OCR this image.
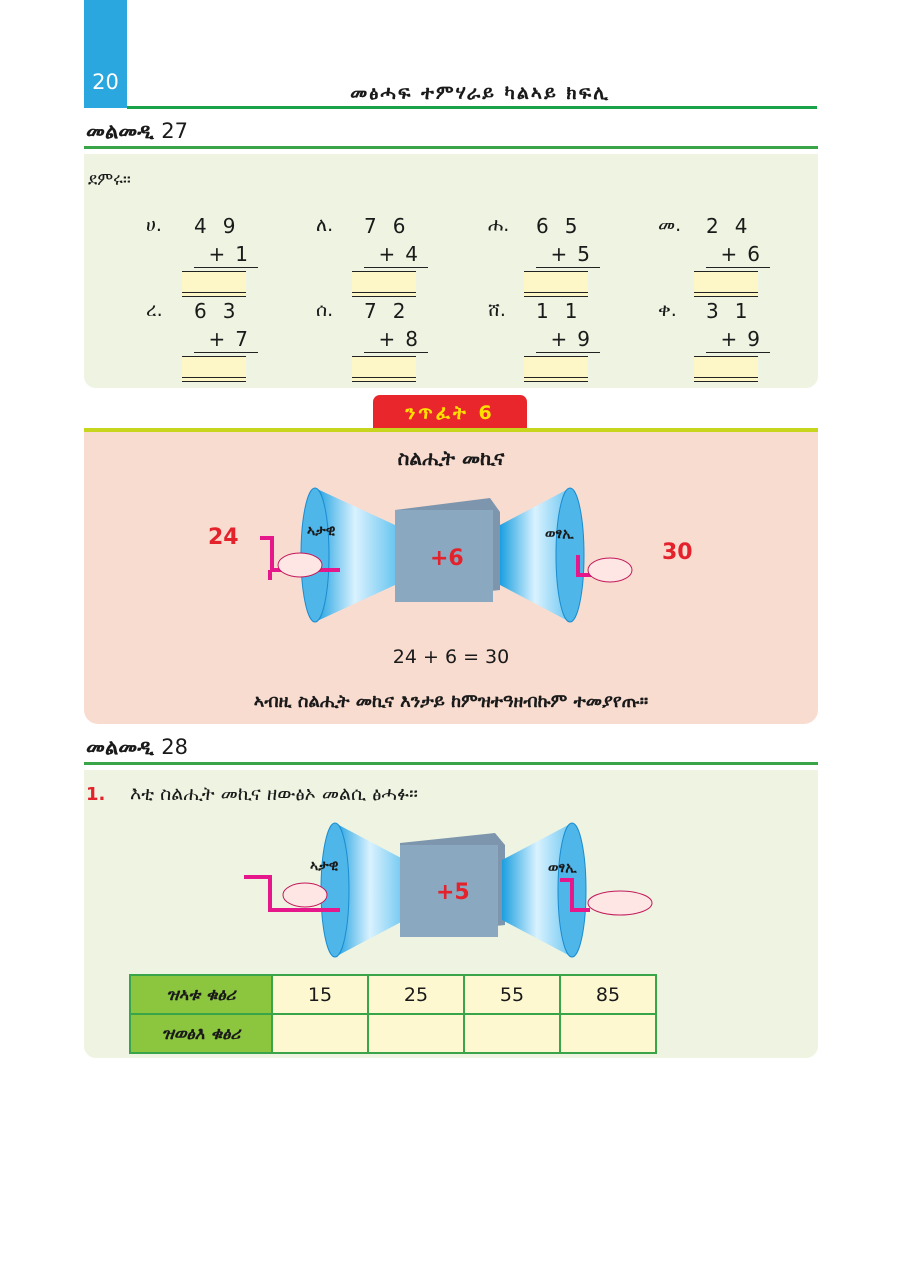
20	መፅሓፍ ተምሃራይ ካልኣይ ክፍሊ
መልመዲ 27
ደምሩ።
ሀ. 49
+1
ለ. 76
+4
ሐ. 65
+5
መ. 24
+6
ረ. 63
+7
ሰ. 72
+8
ሸ. 11
+9
ቀ. 31
+9
ንጥፈት 6
ስልሒት መኪና
24	ኣታዊ
+6
ወፃኢ
30
24 + 6 = 30
ኣብዚ ስልሒት መኪና እንታይ ከምዝተዓዘብኩም ተመያየጡ።
መልመዲ 28
1. እቲ ስልሒት መኪና ዘውፅኦ መልሲ ፅሓፉ።
ኣታዊ
+5
ወፃኢ
ዝኣቱ ቁፅሪ	15	25	55	85
ዝወፅእ ቁፅሪ				
